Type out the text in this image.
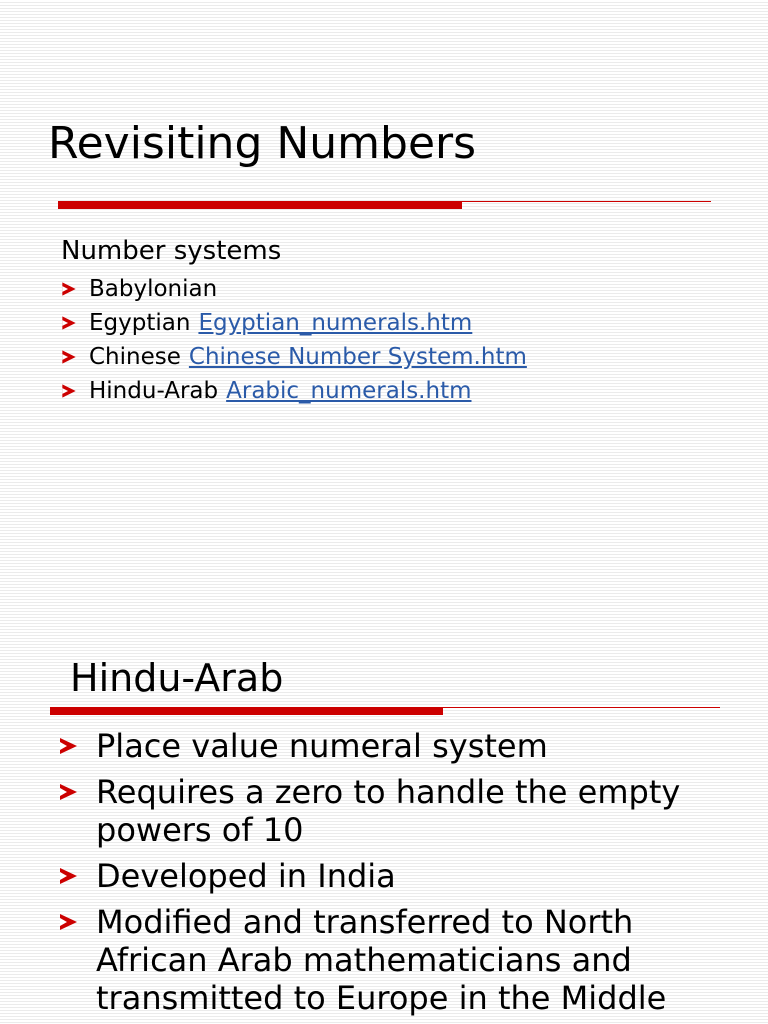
Revisiting Numbers
Number systems
Babylonian
Egyptian Egyptian_numerals.htm
Chinese Chinese Number System.htm
Hindu-Arab Arabic_numerals.htm
Hindu-Arab
Place value numeral system
Requires a zero to handle the empty powers of 10
Developed in India
Modified and transferred to North African Arab mathematicians and transmitted to Europe in the Middle
